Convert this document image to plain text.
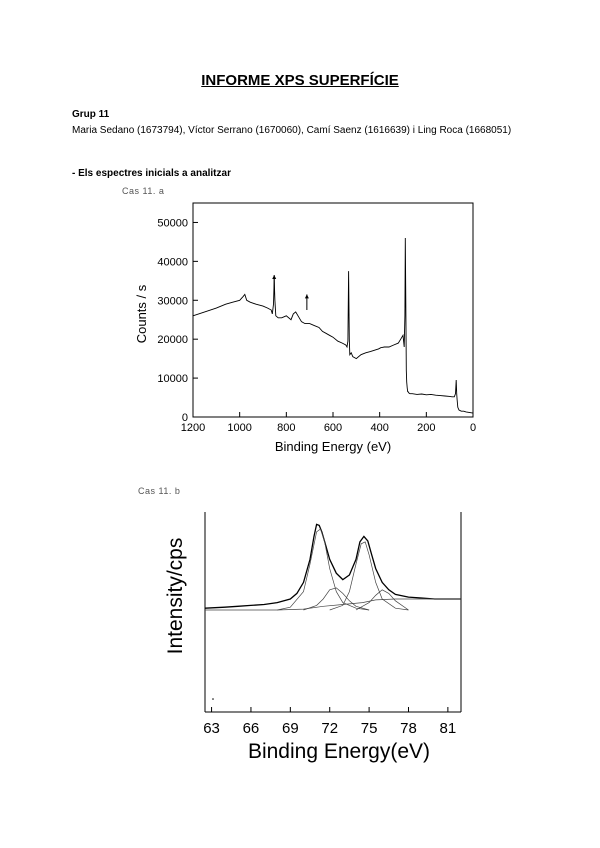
INFORME XPS SUPERFÍCIE
Grup 11
Maria Sedano (1673794), Víctor Serrano (1670060), Camí Saenz (1616639) i Ling Roca (1668051)
- Els espectres inicials a analitzar
Cas 11. a
Cas 11. b
1200 1000 800	600	400	200	0
0
10000
20000
30000
40000
50000
Binding Energy (eV)
Counts / s
63 66 69 72 75 78 81
Binding Energy(eV)
Intensity/cps
